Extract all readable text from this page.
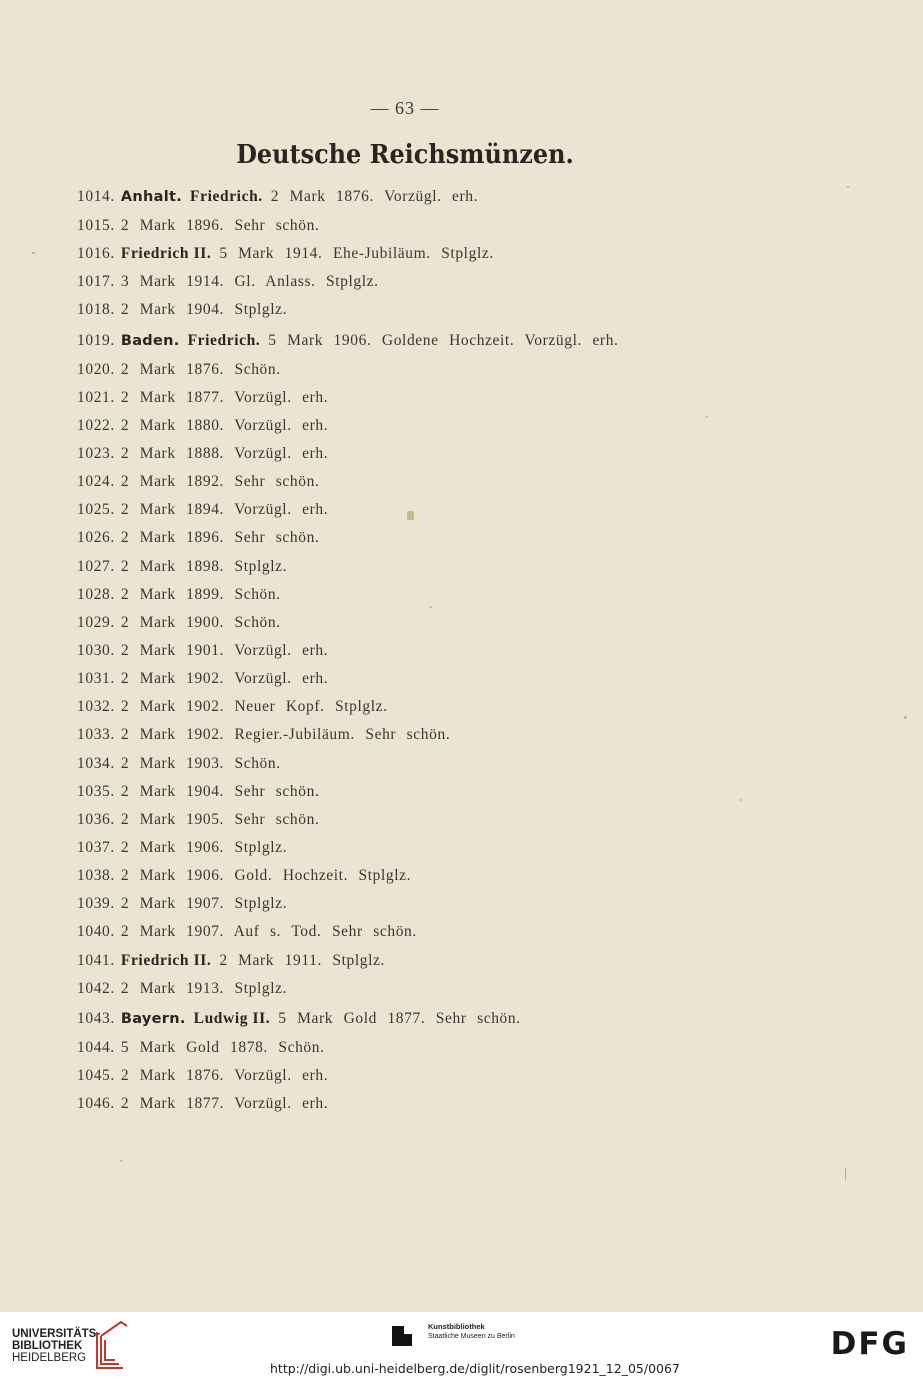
— 63 —
Deutsche Reichsmünzen.
1014. Anhalt. Friedrich. 2 Mark 1876. Vorzügl. erh.
1015. 2 Mark 1896. Sehr schön.
1016. Friedrich II. 5 Mark 1914. Ehe-Jubiläum. Stplglz.
1017. 3 Mark 1914. Gl. Anlass. Stplglz.
1018. 2 Mark 1904. Stplglz.
1019. Baden. Friedrich. 5 Mark 1906. Goldene Hochzeit. Vorzügl. erh.
1020. 2 Mark 1876. Schön.
1021. 2 Mark 1877. Vorzügl. erh.
1022. 2 Mark 1880. Vorzügl. erh.
1023. 2 Mark 1888. Vorzügl. erh.
1024. 2 Mark 1892. Sehr schön.
1025. 2 Mark 1894. Vorzügl. erh.
1026. 2 Mark 1896. Sehr schön.
1027. 2 Mark 1898. Stplglz.
1028. 2 Mark 1899. Schön.
1029. 2 Mark 1900. Schön.
1030. 2 Mark 1901. Vorzügl. erh.
1031. 2 Mark 1902. Vorzügl. erh.
1032. 2 Mark 1902. Neuer Kopf. Stplglz.
1033. 2 Mark 1902. Regier.-Jubiläum. Sehr schön.
1034. 2 Mark 1903. Schön.
1035. 2 Mark 1904. Sehr schön.
1036. 2 Mark 1905. Sehr schön.
1037. 2 Mark 1906. Stplglz.
1038. 2 Mark 1906. Gold. Hochzeit. Stplglz.
1039. 2 Mark 1907. Stplglz.
1040. 2 Mark 1907. Auf s. Tod. Sehr schön.
1041. Friedrich II. 2 Mark 1911. Stplglz.
1042. 2 Mark 1913. Stplglz.
1043. Bayern. Ludwig II. 5 Mark Gold 1877. Sehr schön.
1044. 5 Mark Gold 1878. Schön.
1045. 2 Mark 1876. Vorzügl. erh.
1046. 2 Mark 1877. Vorzügl. erh.
UNIVERSITÄTS-
BIBLIOTHEK
HEIDELBERG
Kunstbibliothek
Staatliche Museen zu Berlin	DFG
http://digi.ub.uni-heidelberg.de/diglit/rosenberg1921_12_05/0067
